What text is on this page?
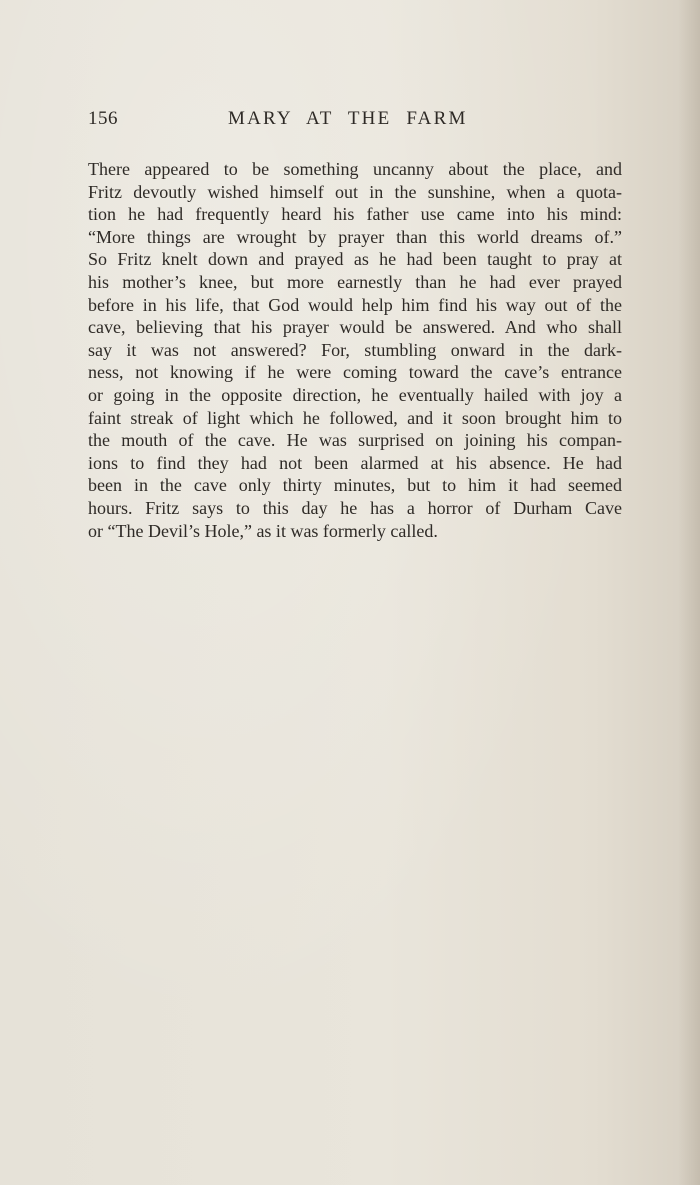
156	MARY AT THE FARM
There appeared to be something uncanny about the place, and
Fritz devoutly wished himself out in the sunshine, when a quota-
tion he had frequently heard his father use came into his mind:
“More things are wrought by prayer than this world dreams of.”
So Fritz knelt down and prayed as he had been taught to pray at
his mother’s knee, but more earnestly than he had ever prayed
before in his life, that God would help him find his way out of the
cave, believing that his prayer would be answered. And who shall
say it was not answered? For, stumbling onward in the dark-
ness, not knowing if he were coming toward the cave’s entrance
or going in the opposite direction, he eventually hailed with joy a
faint streak of light which he followed, and it soon brought him to
the mouth of the cave. He was surprised on joining his compan-
ions to find they had not been alarmed at his absence. He had
been in the cave only thirty minutes, but to him it had seemed
hours. Fritz says to this day he has a horror of Durham Cave
or “The Devil’s Hole,” as it was formerly called.
